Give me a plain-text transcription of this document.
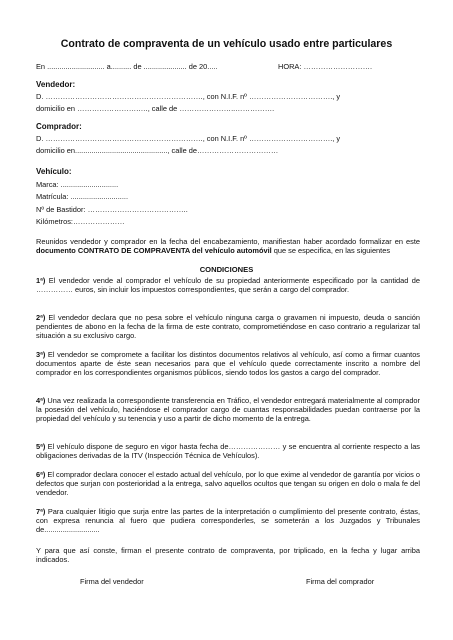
Contrato de compraventa de un vehículo usado entre particulares
En ............................ a.......... de ..................... de 20.....	HORA: ……………………….
Vendedor:
D. ………………………………………………………., con N.I.F. nº ……………………………., y
domicilio en …………………….…., calle de …………………..…………….
Comprador:
D. ………………………………………………………., con N.I.F. nº ……………………………., y
domicilio en............................................., calle de……………………………
Vehículo:
Marca: ............................
Matrícula: ............................
Nº de Bastidor: …………………………………..
Kilómetros:…………………
Reunidos vendedor y comprador en la fecha del encabezamiento, manifiestan haber acordado formalizar en este documento CONTRATO DE COMPRAVENTA del vehículo automóvil que se especifica, en las siguientes
CONDICIONES
1ª) El vendedor vende al comprador el vehículo de su propiedad anteriormente especificado por la cantidad de …………… euros, sin incluir los impuestos correspondientes, que serán a cargo del comprador.
2ª) El vendedor declara que no pesa sobre el vehículo ninguna carga o gravamen ni impuesto, deuda o sanción pendientes de abono en la fecha de la firma de este contrato, comprometiéndose en caso contrario a regularizar tal situación a su exclusivo cargo.
3ª) El vendedor se compromete a facilitar los distintos documentos relativos al vehículo, así como a firmar cuantos documentos aparte de éste sean necesarios para que el vehículo quede correctamente inscrito a nombre del comprador en los correspondientes organismos públicos, siendo todos los gastos a cargo del comprador.
4ª) Una vez realizada la correspondiente transferencia en Tráfico, el vendedor entregará materialmente al comprador la posesión del vehículo, haciéndose el comprador cargo de cuantas responsabilidades puedan contraerse por la propiedad del vehículo y su tenencia y uso a partir de dicho momento de la entrega.
5ª) El vehículo dispone de seguro en vigor hasta fecha de………………… y se encuentra al corriente respecto a las obligaciones derivadas de la ITV (Inspección Técnica de Vehículos).
6ª) El comprador declara conocer el estado actual del vehículo, por lo que exime al vendedor de garantía por vicios o defectos que surjan con posterioridad a la entrega, salvo aquellos ocultos que tengan su origen en dolo o mala fe del vendedor.
7ª) Para cualquier litigio que surja entre las partes de la interpretación o cumplimiento del presente contrato, éstas, con expresa renuncia al fuero que pudiera corresponderles, se someterán a los Juzgados y Tribunales de...........................
Y para que así conste, firman el presente contrato de compraventa, por triplicado, en la fecha y lugar arriba indicados.
Firma del vendedor	Firma del comprador
